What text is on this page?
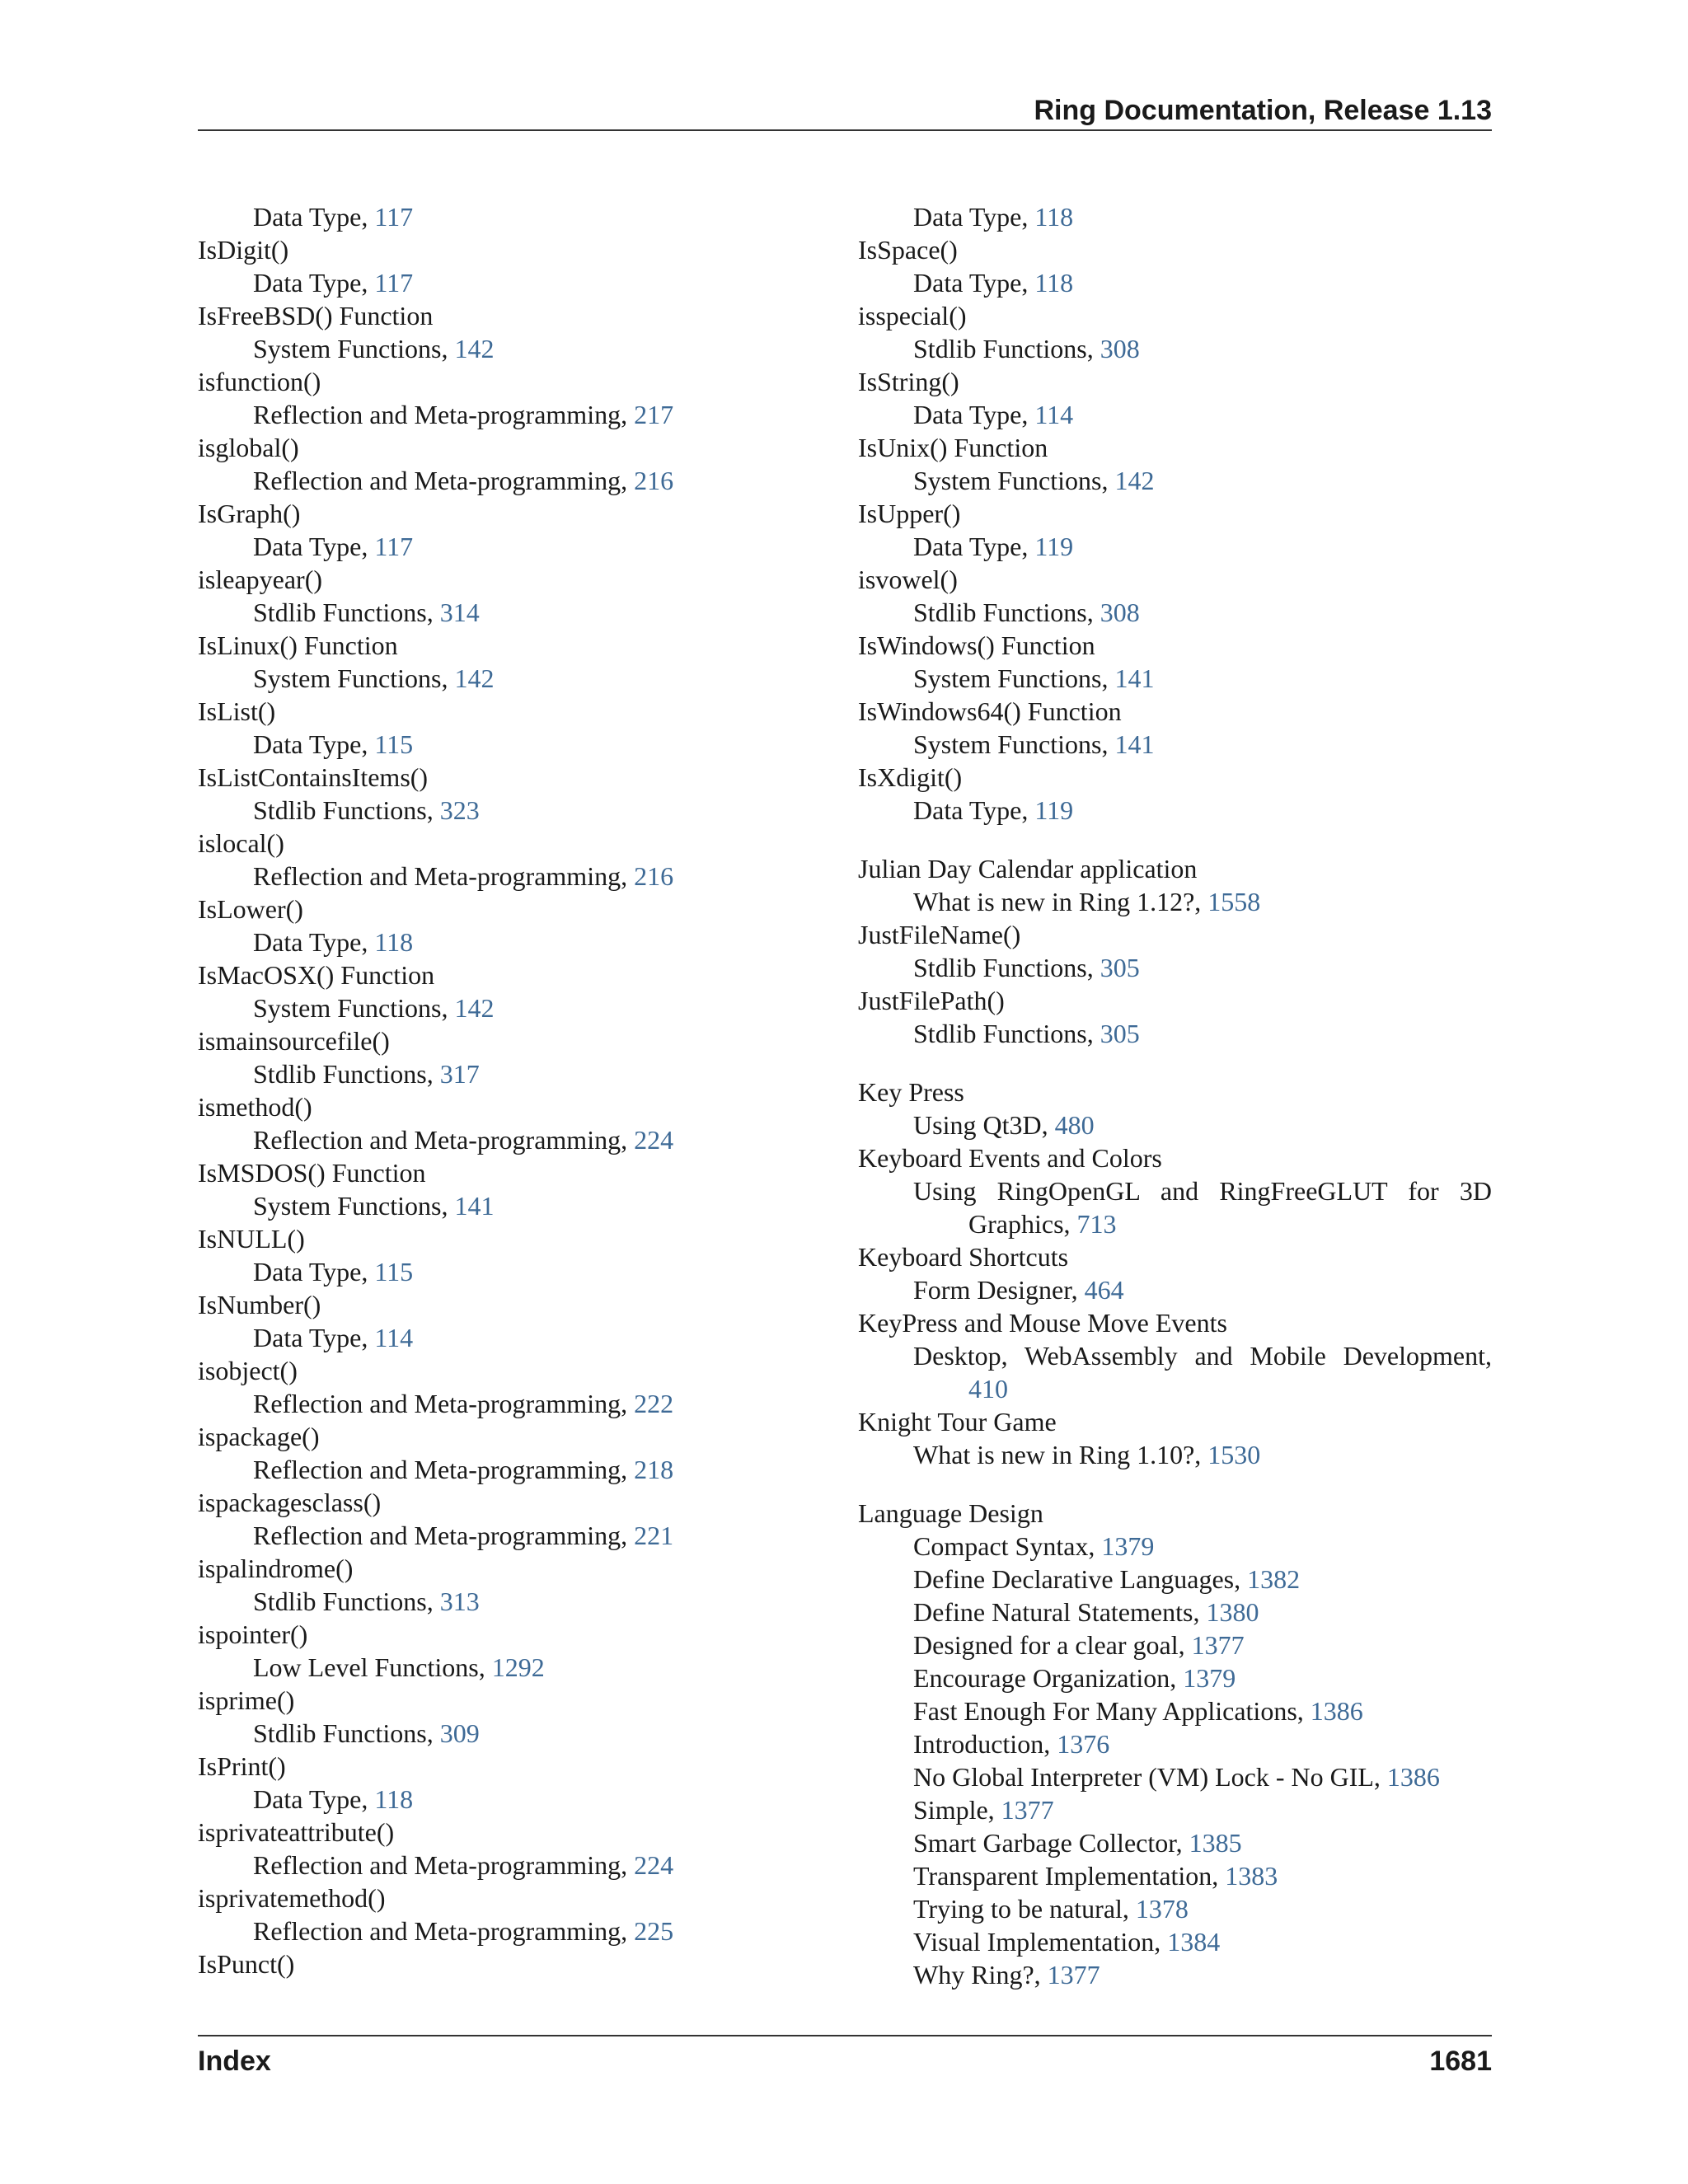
Ring Documentation, Release 1.13
Data Type, 117
IsDigit()
Data Type, 117
IsFreeBSD() Function
System Functions, 142
isfunction()
Reflection and Meta-programming, 217
isglobal()
Reflection and Meta-programming, 216
IsGraph()
Data Type, 117
isleapyear()
Stdlib Functions, 314
IsLinux() Function
System Functions, 142
IsList()
Data Type, 115
IsListContainsItems()
Stdlib Functions, 323
islocal()
Reflection and Meta-programming, 216
IsLower()
Data Type, 118
IsMacOSX() Function
System Functions, 142
ismainsourcefile()
Stdlib Functions, 317
ismethod()
Reflection and Meta-programming, 224
IsMSDOS() Function
System Functions, 141
IsNULL()
Data Type, 115
IsNumber()
Data Type, 114
isobject()
Reflection and Meta-programming, 222
ispackage()
Reflection and Meta-programming, 218
ispackagesclass()
Reflection and Meta-programming, 221
ispalindrome()
Stdlib Functions, 313
ispointer()
Low Level Functions, 1292
isprime()
Stdlib Functions, 309
IsPrint()
Data Type, 118
isprivateattribute()
Reflection and Meta-programming, 224
isprivatemethod()
Reflection and Meta-programming, 225
IsPunct()
Data Type, 118
IsSpace()
Data Type, 118
isspecial()
Stdlib Functions, 308
IsString()
Data Type, 114
IsUnix() Function
System Functions, 142
IsUpper()
Data Type, 119
isvowel()
Stdlib Functions, 308
IsWindows() Function
System Functions, 141
IsWindows64() Function
System Functions, 141
IsXdigit()
Data Type, 119
Julian Day Calendar application
What is new in Ring 1.12?, 1558
JustFileName()
Stdlib Functions, 305
JustFilePath()
Stdlib Functions, 305
Key Press
Using Qt3D, 480
Keyboard Events and Colors
Using RingOpenGL and RingFreeGLUT for 3D Graphics, 713
Keyboard Shortcuts
Form Designer, 464
KeyPress and Mouse Move Events
Desktop, WebAssembly and Mobile Development, 410
Knight Tour Game
What is new in Ring 1.10?, 1530
Language Design
Compact Syntax, 1379
Define Declarative Languages, 1382
Define Natural Statements, 1380
Designed for a clear goal, 1377
Encourage Organization, 1379
Fast Enough For Many Applications, 1386
Introduction, 1376
No Global Interpreter (VM) Lock - No GIL, 1386
Simple, 1377
Smart Garbage Collector, 1385
Transparent Implementation, 1383
Trying to be natural, 1378
Visual Implementation, 1384
Why Ring?, 1377
Index	1681
